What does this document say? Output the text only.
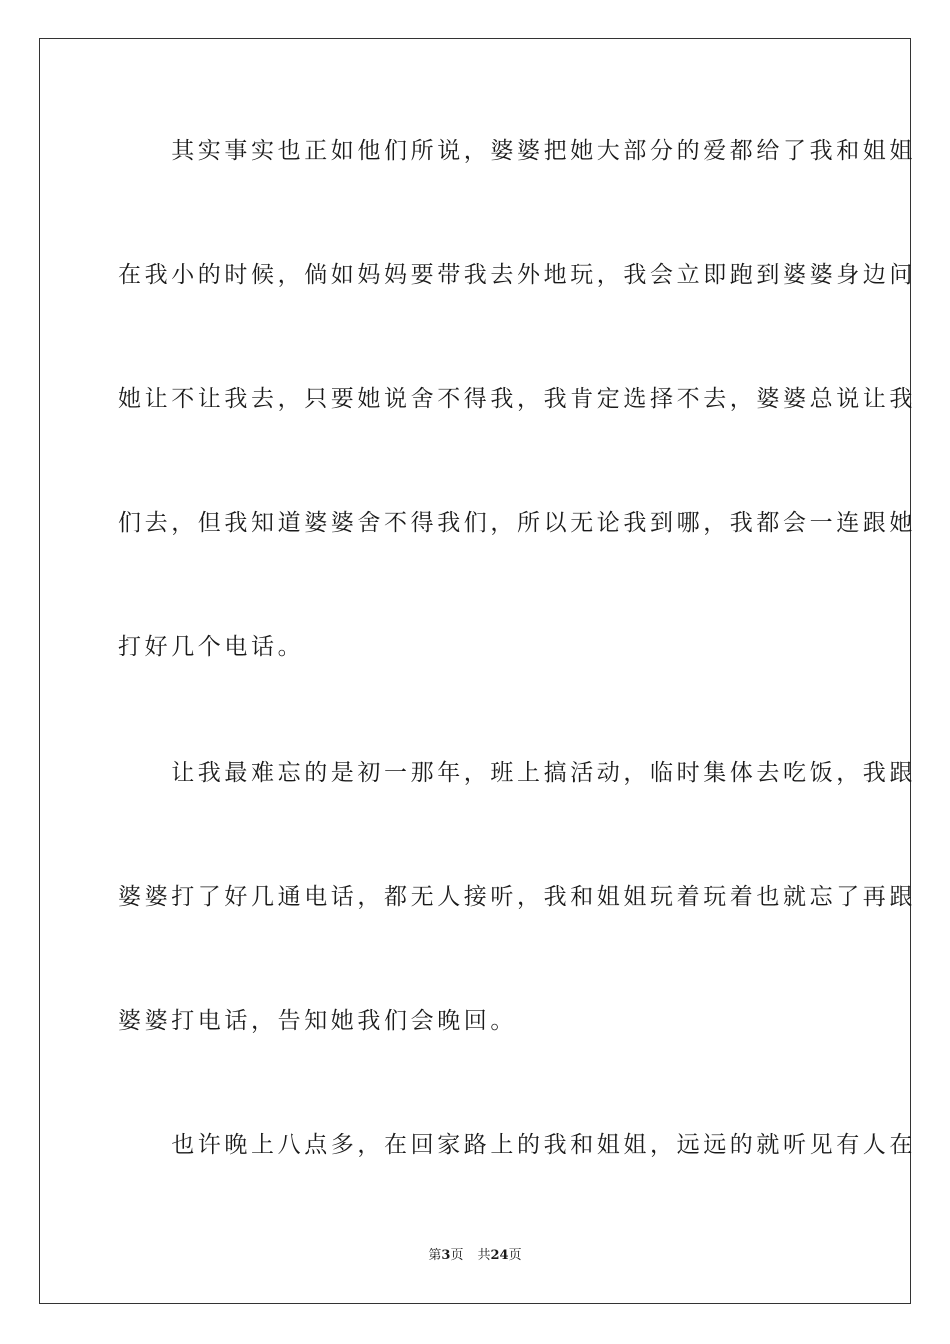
　　其实事实也正如他们所说，婆婆把她大部分的爱都给了我和姐姐
在我小的时候，倘如妈妈要带我去外地玩，我会立即跑到婆婆身边问
她让不让我去，只要她说舍不得我，我肯定选择不去，婆婆总说让我
们去，但我知道婆婆舍不得我们，所以无论我到哪，我都会一连跟她
打好几个电话。
　　让我最难忘的是初一那年，班上搞活动，临时集体去吃饭，我跟
婆婆打了好几通电话，都无人接听，我和姐姐玩着玩着也就忘了再跟
婆婆打电话，告知她我们会晚回。
　　也许晚上八点多，在回家路上的我和姐姐，远远的就听见有人在
第3页 共24页
